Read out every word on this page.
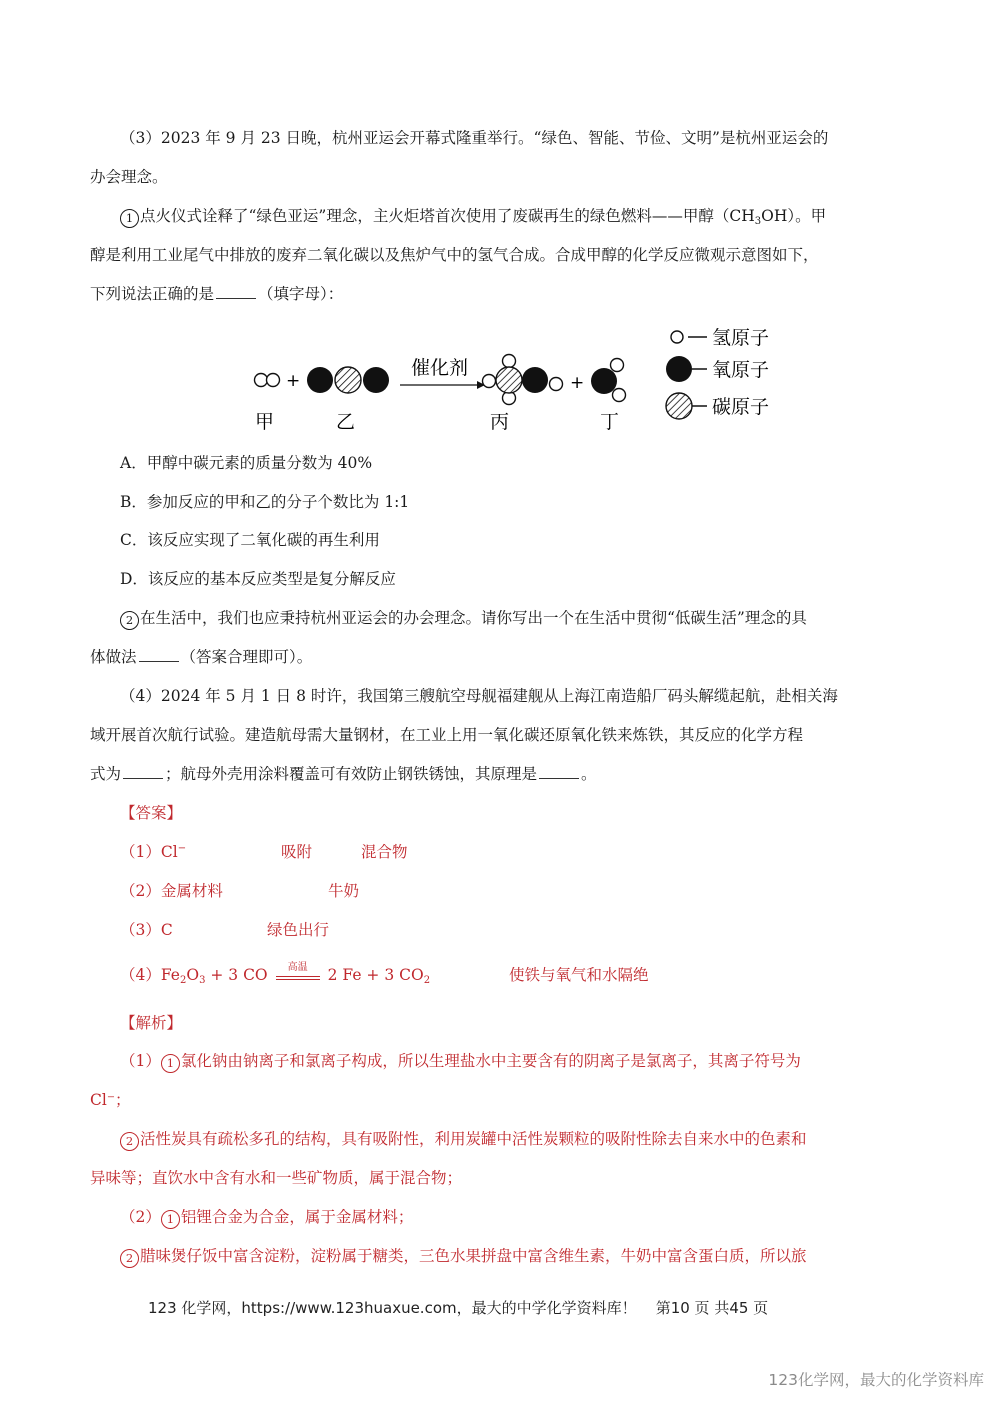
（3）2023 年 9 月 23 日晚，杭州亚运会开幕式隆重举行。“绿色、智能、节俭、文明”是杭州亚运会的
办会理念。
1 点火仪式诠释了“绿色亚运”理念，主火炬塔首次使用了废碳再生的绿色燃料——甲醇$(CH_3OH)$。甲
醇是利用工业尾气中排放的废弃二氧化碳以及焦炉气中的氢气合成。合成甲醇的化学反应微观示意图如下，
下列说法正确的是	（填字母）：
+
催化剂
+
甲	乙	丙	丁
氢原子
氧原子
碳原子
A．甲醇中碳元素的质量分数为 40%
B．参加反应的甲和乙的分子个数比为 1:1
C．该反应实现了二氧化碳的再生利用
D．该反应的基本反应类型是复分解反应
2 在生活中，我们也应秉持杭州亚运会的办会理念。请你写出一个在生活中贯彻“低碳生活”理念的具
体做法	（答案合理即可）。
（4）2024 年 5 月 1 日 8 时许，我国第三艘航空母舰福建舰从上海江南造船厂码头解缆起航，赴相关海
域开展首次航行试验。建造航母需大量钢材，在工业上用一氧化碳还原氧化铁来炼铁，其反应的化学方程
式为	；航母外壳用涂料覆盖可有效防止钢铁锈蚀，其原理是	。
【答案】
（1）Cl−	吸附	混合物
（2）金属材料	牛奶
（3）C	绿色出行
$(4)Fe_2O_3 + 3$ CO	高温	2 Fe + 3 $CO_2$	使铁与氧气和水隔绝
【解析】
（1） 1 氯化钠由钠离子和氯离子构成，所以生理盐水中主要含有的阴离子是氯离子，其离子符号为
Cl⁻；
2 活性炭具有疏松多孔的结构，具有吸附性，利用炭罐中活性炭颗粒的吸附性除去自来水中的色素和
异味等；直饮水中含有水和一些矿物质，属于混合物；
（2） 1 铝锂合金为合金，属于金属材料；
2 腊味煲仔饭中富含淀粉，淀粉属于糖类，三色水果拼盘中富含维生素，牛奶中富含蛋白质，所以旅
123 化学网，https://www.123huaxue.com，最大的中学化学资料库！ 第10 页 共45 页
123化学网，最大的化学资料库
